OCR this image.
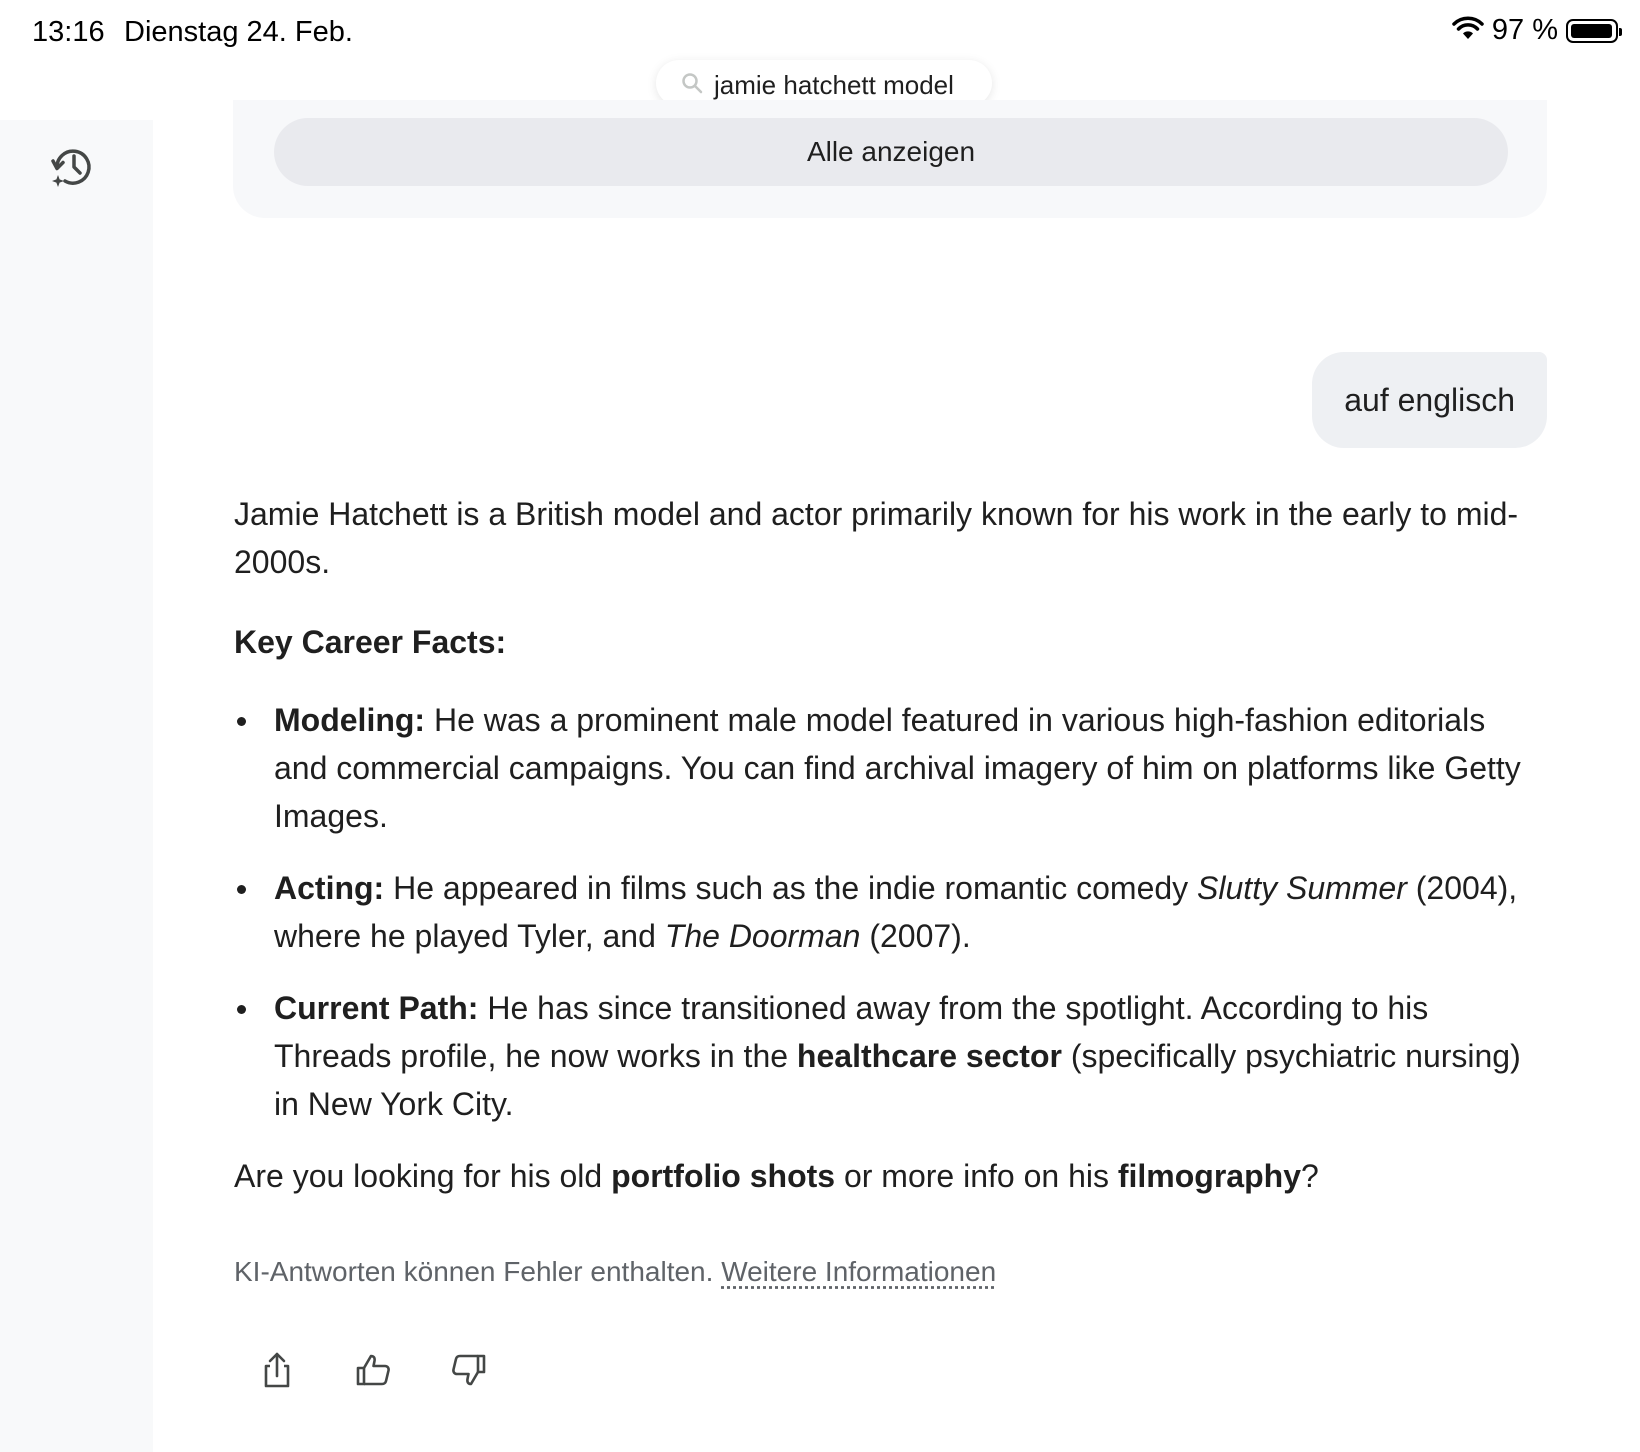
13:16 Dienstag 24. Feb.	97 %
jamie hatchett model
Alle anzeigen
auf englisch

Jamie Hatchett is a British model and actor primarily known for his work in the early to mid-2000s.

Key Career Facts:

Modeling: He was a prominent male model featured in various high-fashion editorials and commercial campaigns. You can find archival imagery of him on platforms like Getty Images.
Acting: He appeared in films such as the indie romantic comedy Slutty Summer (2004), where he played Tyler, and The Doorman (2007).
Current Path: He has since transitioned away from the spotlight. According to his Threads profile, he now works in the healthcare sector (specifically psychiatric nursing) in New York City.

Are you looking for his old portfolio shots or more info on his filmography?

KI-Antworten können Fehler enthalten. Weitere Informationen
